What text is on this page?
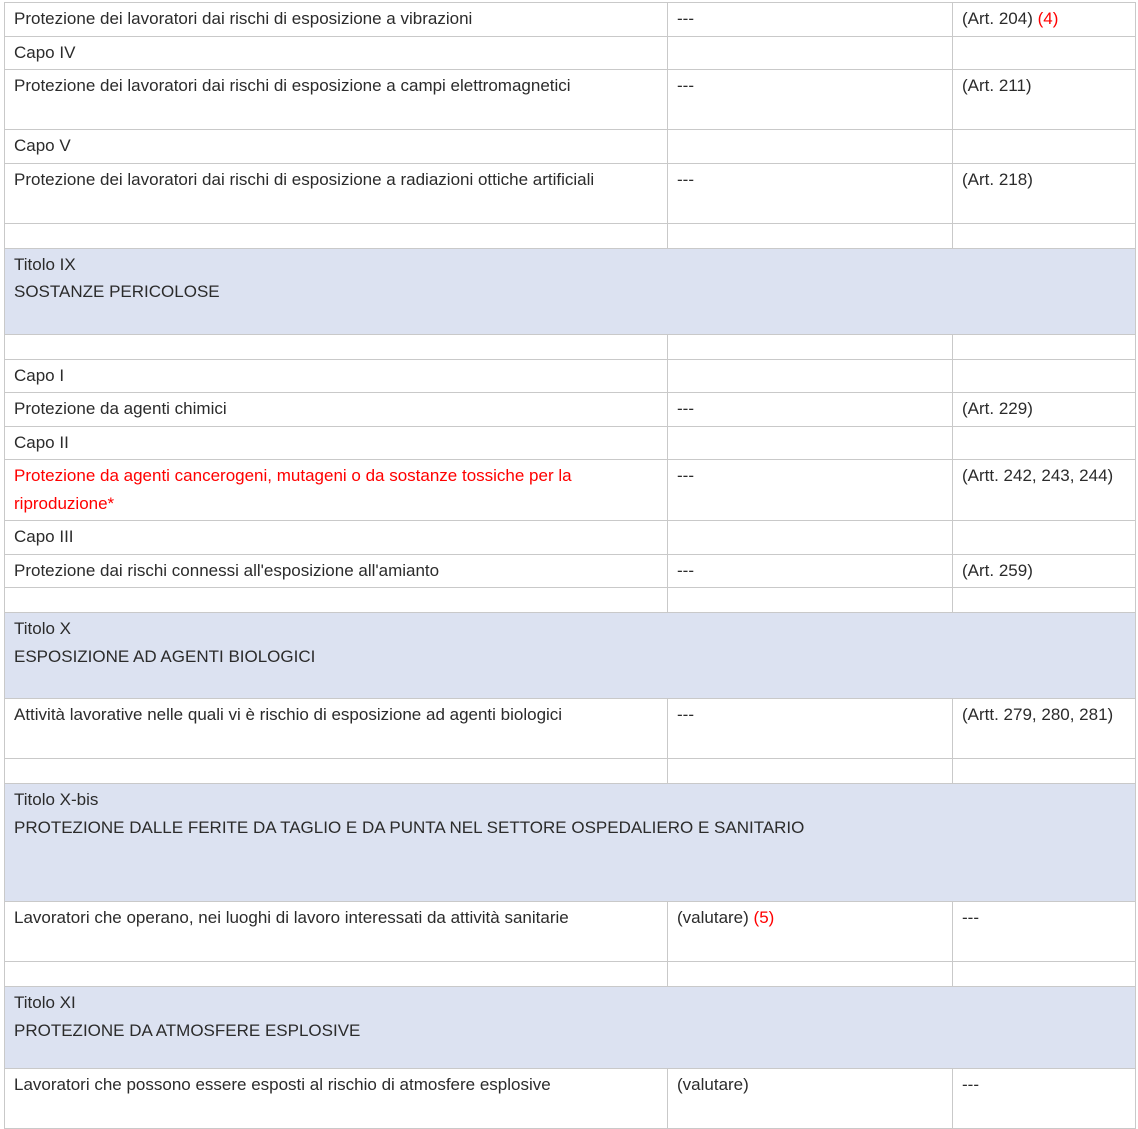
Protezione dei lavoratori dai rischi di esposizione a vibrazioni	---	(Art. 204) (4)
Capo IV		
Protezione dei lavoratori dai rischi di esposizione a campi elettromagnetici	---	(Art. 211)
Capo V		
Protezione dei lavoratori dai rischi di esposizione a radiazioni ottiche artificiali	---	(Art. 218)

Titolo IX
SOSTANZE PERICOLOSE		

Capo I		
Protezione da agenti chimici	---	(Art. 229)
Capo II		
Protezione da agenti cancerogeni, mutageni o da sostanze tossiche per la riproduzione*	---	(Artt. 242, 243, 244)
Capo III		
Protezione dai rischi connessi all'esposizione all'amianto	---	(Art. 259)

Titolo X
ESPOSIZIONE AD AGENTI BIOLOGICI		

Attività lavorative nelle quali vi è rischio di esposizione ad agenti biologici	---	(Artt. 279, 280, 281)

Titolo X-bis
PROTEZIONE DALLE FERITE DA TAGLIO E DA PUNTA NEL SETTORE OSPEDALIERO E SANITARIO		

Lavoratori che operano, nei luoghi di lavoro interessati da attività sanitarie	(valutare) (5)	---

Titolo XI
PROTEZIONE DA ATMOSFERE ESPLOSIVE		

Lavoratori che possono essere esposti al rischio di atmosfere esplosive	(valutare)	---
